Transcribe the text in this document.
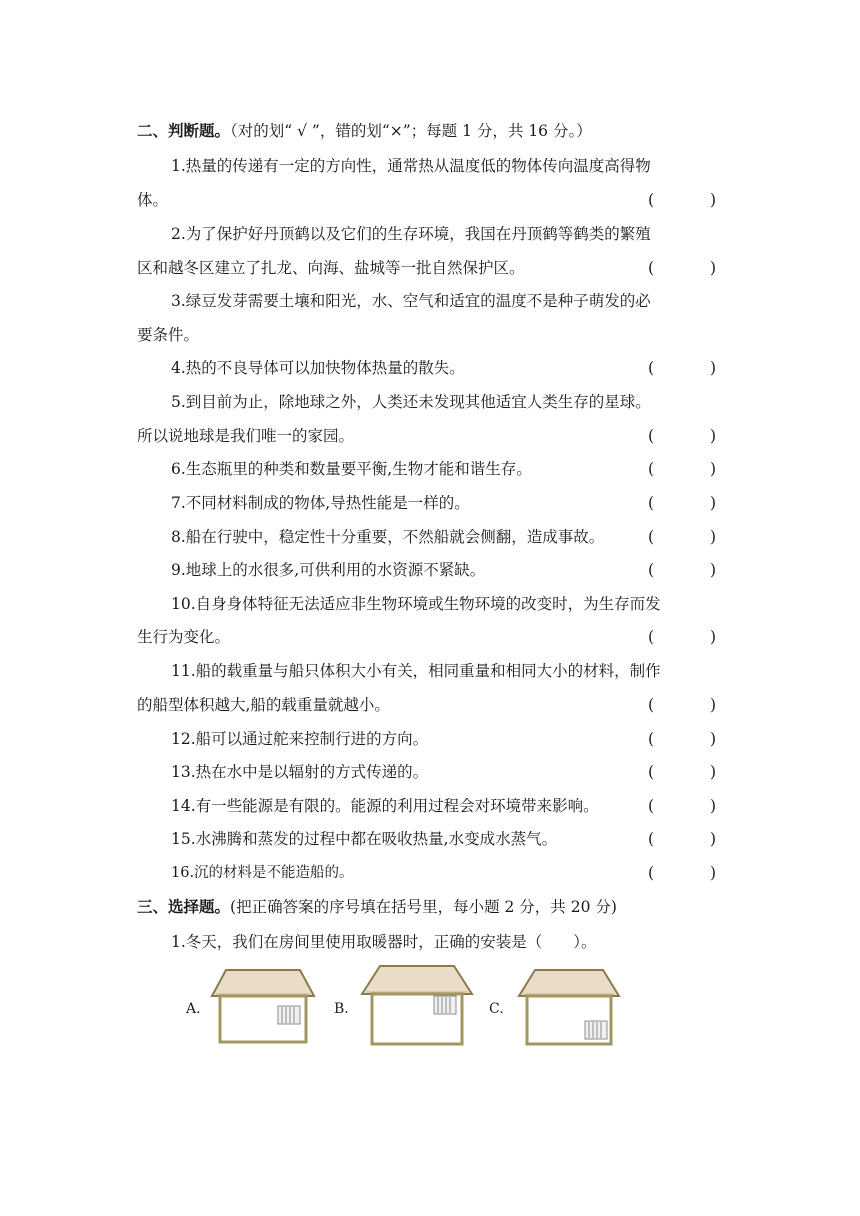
二、判断题。（对的划“ √ ”，错的划“×”；每题 1 分，共 16 分。）
1.热量的传递有一定的方向性，通常热从温度低的物体传向温度高得物
体。	(	)
2.为了保护好丹顶鹤以及它们的生存环境，我国在丹顶鹤等鹤类的繁殖
区和越冬区建立了扎龙、向海、盐城等一批自然保护区。	(	)
3.绿豆发芽需要土壤和阳光，水、空气和适宜的温度不是种子萌发的必
要条件。
4.热的不良导体可以加快物体热量的散失。	(	)
5.到目前为止，除地球之外，人类还未发现其他适宜人类生存的星球。
所以说地球是我们唯一的家园。	(	)
6.生态瓶里的种类和数量要平衡,生物才能和谐生存。	(	)
7.不同材料制成的物体,导热性能是一样的。	(	)
8.船在行驶中，稳定性十分重要，不然船就会侧翻，造成事故。	(	)
9.地球上的水很多,可供利用的水资源不紧缺。	(	)
10.自身身体特征无法适应非生物环境或生物环境的改变时，为生存而发
生行为变化。	(	)
11.船的载重量与船只体积大小有关，相同重量和相同大小的材料，制作
的船型体积越大,船的载重量就越小。	(	)
12.船可以通过舵来控制行进的方向。	(	)
13.热在水中是以辐射的方式传递的。	(	)
14.有一些能源是有限的。能源的利用过程会对环境带来影响。	(	)
15.水沸腾和蒸发的过程中都在吸收热量,水变成水蒸气。	(	)
16.沉的材料是不能造船的。	(	)
三、选择题。(把正确答案的序号填在括号里，每小题 2 分，共 20 分)
1.冬天，我们在房间里使用取暖器时，正确的安装是（　　）。
A.	B.	C.
